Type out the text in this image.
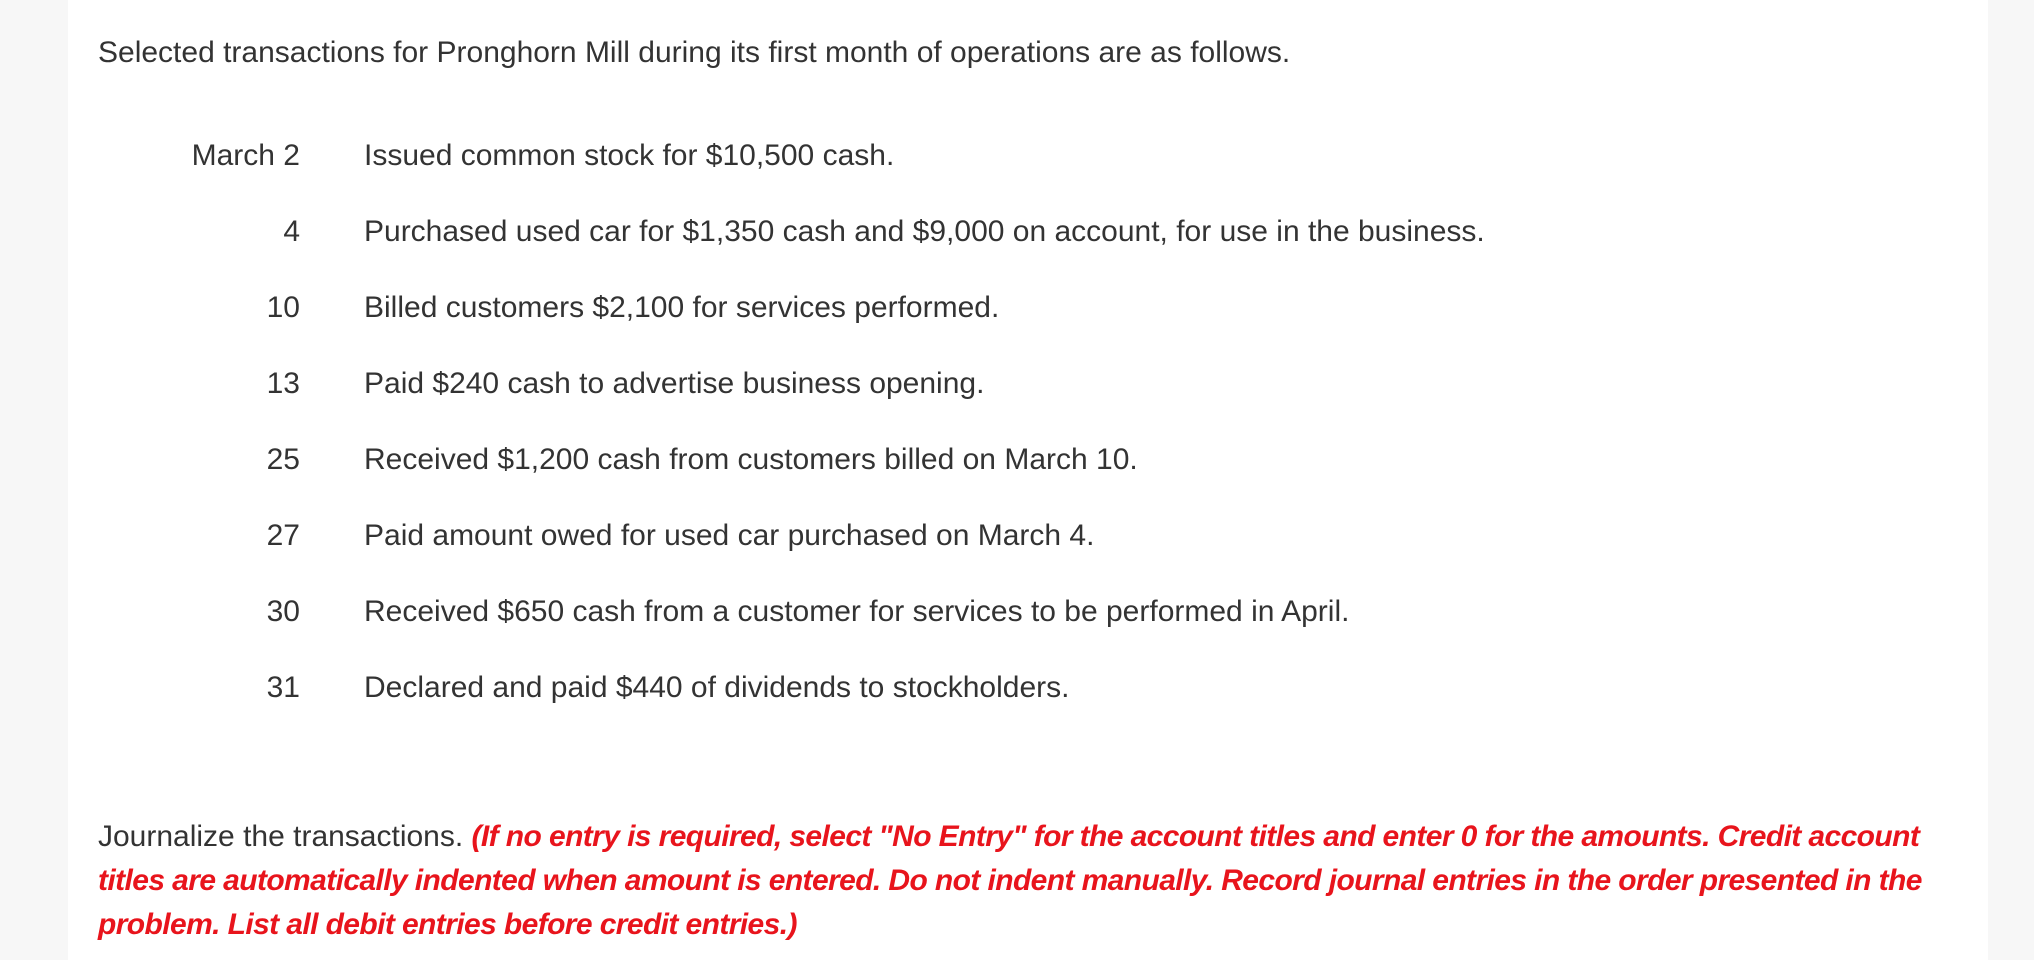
Selected transactions for Pronghorn Mill during its first month of operations are as follows.

March 2	Issued common stock for $10,500 cash.
4	Purchased used car for $1,350 cash and $9,000 on account, for use in the business.
10	Billed customers $2,100 for services performed.
13	Paid $240 cash to advertise business opening.
25	Received $1,200 cash from customers billed on March 10.
27	Paid amount owed for used car purchased on March 4.
30	Received $650 cash from a customer for services to be performed in April.
31	Declared and paid $440 of dividends to stockholders.

Journalize the transactions. (If no entry is required, select "No Entry" for the account titles and enter 0 for the amounts. Credit account titles are automatically indented when amount is entered. Do not indent manually. Record journal entries in the order presented in the problem. List all debit entries before credit entries.)
